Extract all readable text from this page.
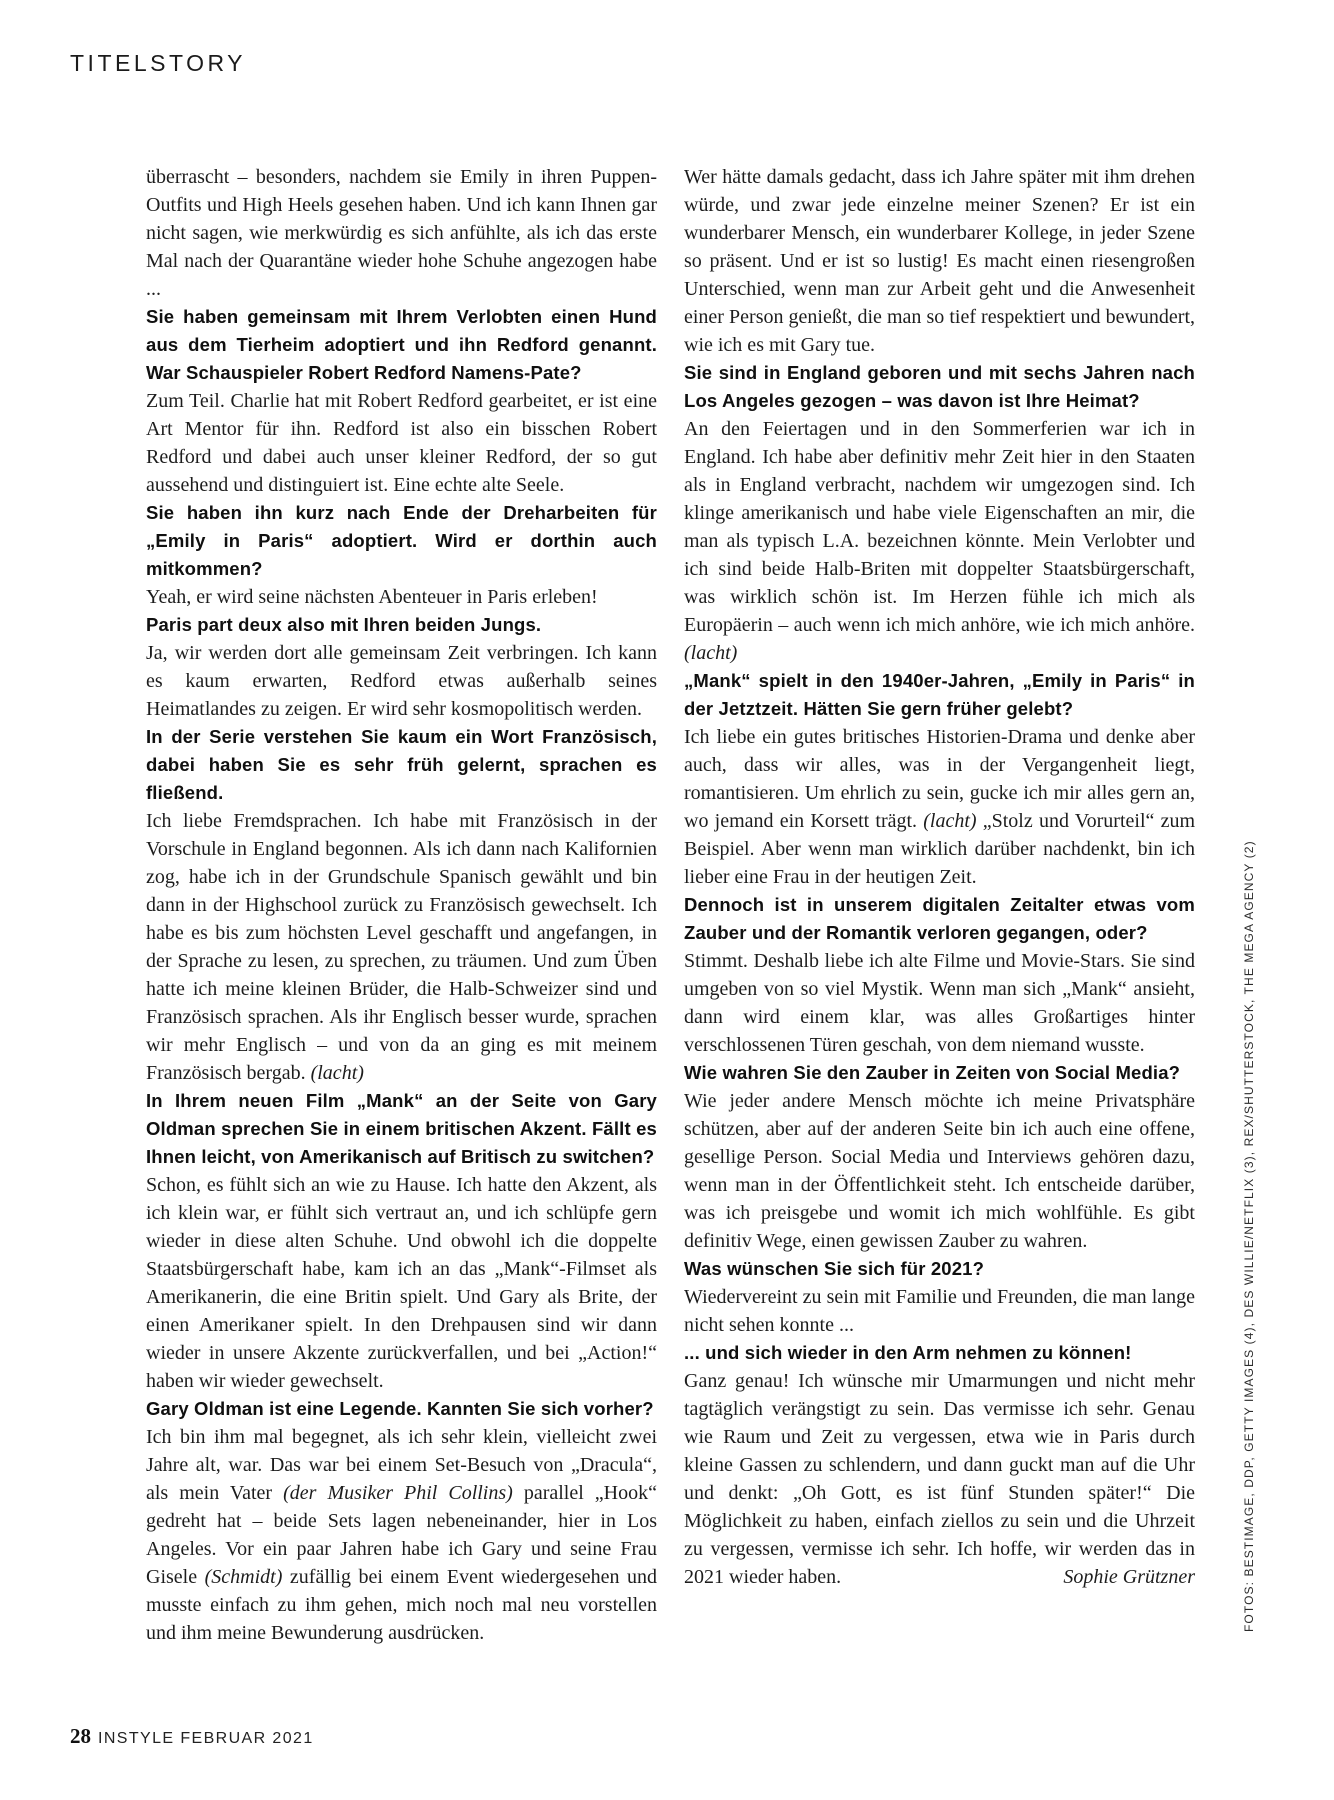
TITELSTORY

überrascht – besonders, nachdem sie Emily in ihren Puppen-Outfits und High Heels gesehen haben. Und ich kann Ihnen gar nicht sagen, wie merkwürdig es sich anfühlte, als ich das erste Mal nach der Quarantäne wieder hohe Schuhe angezogen habe ...

Sie haben gemeinsam mit Ihrem Verlobten einen Hund aus dem Tierheim adoptiert und ihn Redford genannt. War Schauspieler Robert Redford Namens-Pate?

Zum Teil. Charlie hat mit Robert Redford gearbeitet, er ist eine Art Mentor für ihn. Redford ist also ein bisschen Robert Redford und dabei auch unser kleiner Redford, der so gut aussehend und distinguiert ist. Eine echte alte Seele.

Sie haben ihn kurz nach Ende der Dreharbeiten für „Emily in Paris“ adoptiert. Wird er dorthin auch mitkommen?

Yeah, er wird seine nächsten Abenteuer in Paris erleben!

Paris part deux also mit Ihren beiden Jungs.

Ja, wir werden dort alle gemeinsam Zeit verbringen. Ich kann es kaum erwarten, Redford etwas außerhalb seines Heimatlandes zu zeigen. Er wird sehr kosmopolitisch werden.

In der Serie verstehen Sie kaum ein Wort Französisch, dabei haben Sie es sehr früh gelernt, sprachen es fließend.

Ich liebe Fremdsprachen. Ich habe mit Französisch in der Vorschule in England begonnen. Als ich dann nach Kalifornien zog, habe ich in der Grundschule Spanisch gewählt und bin dann in der Highschool zurück zu Französisch gewechselt. Ich habe es bis zum höchsten Level geschafft und angefangen, in der Sprache zu lesen, zu sprechen, zu träumen. Und zum Üben hatte ich meine kleinen Brüder, die Halb-Schweizer sind und Französisch sprachen. Als ihr Englisch besser wurde, sprachen wir mehr Englisch – und von da an ging es mit meinem Französisch bergab. (lacht)

In Ihrem neuen Film „Mank“ an der Seite von Gary Oldman sprechen Sie in einem britischen Akzent. Fällt es Ihnen leicht, von Amerikanisch auf Britisch zu switchen?

Schon, es fühlt sich an wie zu Hause. Ich hatte den Akzent, als ich klein war, er fühlt sich vertraut an, und ich schlüpfe gern wieder in diese alten Schuhe. Und obwohl ich die doppelte Staatsbürgerschaft habe, kam ich an das „Mank“-Filmset als Amerikanerin, die eine Britin spielt. Und Gary als Brite, der einen Amerikaner spielt. In den Drehpausen sind wir dann wieder in unsere Akzente zurückverfallen, und bei „Action!“ haben wir wieder gewechselt.

Gary Oldman ist eine Legende. Kannten Sie sich vorher?

Ich bin ihm mal begegnet, als ich sehr klein, vielleicht zwei Jahre alt, war. Das war bei einem Set-Besuch von „Dracula“, als mein Vater (der Musiker Phil Collins) parallel „Hook“ gedreht hat – beide Sets lagen nebeneinander, hier in Los Angeles. Vor ein paar Jahren habe ich Gary und seine Frau Gisele (Schmidt) zufällig bei einem Event wiedergesehen und musste einfach zu ihm gehen, mich noch mal neu vorstellen und ihm meine Bewunderung ausdrücken.

Wer hätte damals gedacht, dass ich Jahre später mit ihm drehen würde, und zwar jede einzelne meiner Szenen? Er ist ein wunderbarer Mensch, ein wunderbarer Kollege, in jeder Szene so präsent. Und er ist so lustig! Es macht einen riesengroßen Unterschied, wenn man zur Arbeit geht und die Anwesenheit einer Person genießt, die man so tief respektiert und bewundert, wie ich es mit Gary tue.

Sie sind in England geboren und mit sechs Jahren nach Los Angeles gezogen – was davon ist Ihre Heimat?

An den Feiertagen und in den Sommerferien war ich in England. Ich habe aber definitiv mehr Zeit hier in den Staaten als in England verbracht, nachdem wir umgezogen sind. Ich klinge amerikanisch und habe viele Eigenschaften an mir, die man als typisch L.A. bezeichnen könnte. Mein Verlobter und ich sind beide Halb-Briten mit doppelter Staatsbürgerschaft, was wirklich schön ist. Im Herzen fühle ich mich als Europäerin – auch wenn ich mich anhöre, wie ich mich anhöre. (lacht)

„Mank“ spielt in den 1940er-Jahren, „Emily in Paris“ in der Jetztzeit. Hätten Sie gern früher gelebt?

Ich liebe ein gutes britisches Historien-Drama und denke aber auch, dass wir alles, was in der Vergangenheit liegt, romantisieren. Um ehrlich zu sein, gucke ich mir alles gern an, wo jemand ein Korsett trägt. (lacht) „Stolz und Vorurteil“ zum Beispiel. Aber wenn man wirklich darüber nachdenkt, bin ich lieber eine Frau in der heutigen Zeit.

Dennoch ist in unserem digitalen Zeitalter etwas vom Zauber und der Romantik verloren gegangen, oder?

Stimmt. Deshalb liebe ich alte Filme und Movie-Stars. Sie sind umgeben von so viel Mystik. Wenn man sich „Mank“ ansieht, dann wird einem klar, was alles Großartiges hinter verschlossenen Türen geschah, von dem niemand wusste.

Wie wahren Sie den Zauber in Zeiten von Social Media?

Wie jeder andere Mensch möchte ich meine Privatsphäre schützen, aber auf der anderen Seite bin ich auch eine offene, gesellige Person. Social Media und Interviews gehören dazu, wenn man in der Öffentlichkeit steht. Ich entscheide darüber, was ich preisgebe und womit ich mich wohlfühle. Es gibt definitiv Wege, einen gewissen Zauber zu wahren.

Was wünschen Sie sich für 2021?

Wiedervereint zu sein mit Familie und Freunden, die man lange nicht sehen konnte ...

... und sich wieder in den Arm nehmen zu können!

Ganz genau! Ich wünsche mir Umarmungen und nicht mehr tagtäglich verängstigt zu sein. Das vermisse ich sehr. Genau wie Raum und Zeit zu vergessen, etwa wie in Paris durch kleine Gassen zu schlendern, und dann guckt man auf die Uhr und denkt: „Oh Gott, es ist fünf Stunden später!“ Die Möglichkeit zu haben, einfach ziellos zu sein und die Uhrzeit zu vergessen, vermisse ich sehr. Ich hoffe, wir werden das in 2021 wieder haben.	Sophie Grützner	FOTOS: BESTIMAGE, DDP, GETTY IMAGES (4), DES WILLIE/NETFLIX (3), REX/SHUTTERSTOCK, THE MEGA AGENCY (2)
28 INSTYLE FEBRUAR 2021
